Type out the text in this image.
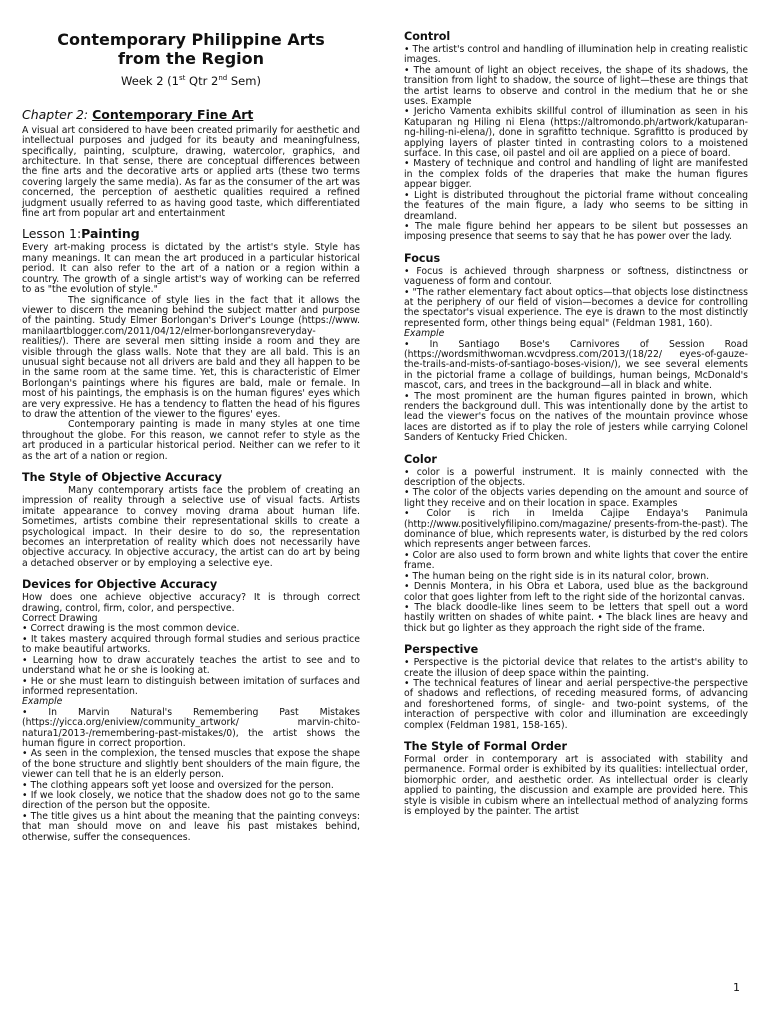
Contemporary Philippine Arts
from the Region
Week 2 (1st Qtr 2nd Sem)
Chapter 2: Contemporary Fine Art

A visual art considered to have been created primarily for aesthetic and intellectual purposes and judged for its beauty and meaningfulness, specifically, painting, sculpture, drawing, watercolor, graphics, and architecture. In that sense, there are conceptual differences between the fine arts and the decorative arts or applied arts (these two terms covering largely the same media). As far as the consumer of the art was concerned, the perception of aesthetic qualities required a refined judgment usually referred to as having good taste, which differentiated fine art from popular art and entertainment

Lesson 1:Painting

Every art-making process is dictated by the artist's style. Style has many meanings. It can mean the art produced in a particular historical period. It can also refer to the art of a nation or a region within a country. The growth of a single artist's way of working can be referred to as "the evolution of style."

The significance of style lies in the fact that it allows the viewer to discern the meaning behind the subject matter and purpose of the painting. Study Elmer Borlongan's Driver's Lounge (https://www. manilaartblogger.com/2011/04/12/elmer-borlongansreveryday-realities/). There are several men sitting inside a room and they are visible through the glass walls. Note that they are all bald. This is an unusual sight because not all drivers are bald and they all happen to be in the same room at the same time. Yet, this is characteristic of Elmer Borlongan's paintings where his figures are bald, male or female. In most of his paintings, the emphasis is on the human figures' eyes which are very expressive. He has a tendency to flatten the head of his figures to draw the attention of the viewer to the figures' eyes.

Contemporary painting is made in many styles at one time throughout the globe. For this reason, we cannot refer to style as the art produced in a particular historical period. Neither can we refer to it as the art of a nation or region.

The Style of Objective Accuracy

Many contemporary artists face the problem of creating an impression of reality through a selective use of visual facts. Artists imitate appearance to convey moving drama about human life. Sometimes, artists combine their representational skills to create a psychological impact. In their desire to do so, the representation becomes an interpretation of reality which does not necessarily have objective accuracy. In objective accuracy, the artist can do art by being a detached observer or by employing a selective eye.

Devices for Objective Accuracy

How does one achieve objective accuracy? It is through correct drawing, control, firm, color, and perspective.

Correct Drawing

• Correct drawing is the most common device.

• It takes mastery acquired through formal studies and serious practice to make beautiful artworks.

• Learning how to draw accurately teaches the artist to see and to understand what he or she is looking at.

• He or she must learn to distinguish between imitation of surfaces and informed representation.

Example

• In Marvin Natural's Remembering Past Mistakes (https://yicca.org/eniview/community_artwork/ marvin-chito-natura1/2013-/remembering-past-mistakes/0), the artist shows the human figure in correct proportion.

• As seen in the complexion, the tensed muscles that expose the shape of the bone structure and slightly bent shoulders of the main figure, the viewer can tell that he is an elderly person.

• The clothing appears soft yet loose and oversized for the person.

• If we look closely, we notice that the shadow does not go to the same direction of the person but the opposite.

• The title gives us a hint about the meaning that the painting conveys: that man should move on and leave his past mistakes behind, otherwise, suffer the consequences.

Control

• The artist's control and handling of illumination help in creating realistic images.

• The amount of light an object receives, the shape of its shadows, the transition from light to shadow, the source of light—these are things that the artist learns to observe and control in the medium that he or she uses. Example

• Jericho Vamenta exhibits skillful control of illumination as seen in his Katuparan ng Hiling ni Elena (https://altromondo.ph/artwork/katuparan-ng-hiling-ni-elena/), done in sgrafitto technique. Sgrafitto is produced by applying layers of plaster tinted in contrasting colors to a moistened surface. In this case, oil pastel and oil are applied on a piece of board.

• Mastery of technique and control and handling of light are manifested in the complex folds of the draperies that make the human figures appear bigger.

• Light is distributed throughout the pictorial frame without concealing the features of the main figure, a lady who seems to be sitting in dreamland.

• The male figure behind her appears to be silent but possesses an imposing presence that seems to say that he has power over the lady.

Focus

• Focus is achieved through sharpness or softness, distinctness or vagueness of form and contour.

• "The rather elementary fact about optics—that objects lose distinctness at the periphery of our field of vision—becomes a device for controlling the spectator's visual experience. The eye is drawn to the most distinctly represented form, other things being equal" (Feldman 1981, 160).

Example

• In Santiago Bose's Carnivores of Session Road (https://wordsmithwoman.wcvdpress.com/2013/(18/22/ eyes-of-gauze-the-trails-and-mists-of-santiago-boses-vision/), we see several elements in the pictorial frame a collage of buildings, human beings, McDonald's mascot, cars, and trees in the background—all in black and white.

• The most prominent are the human figures painted in brown, which renders the background dull. This was intentionally done by the artist to lead the viewer's focus on the natives of the mountain province whose laces are distorted as if to play the role of jesters while carrying Colonel Sanders of Kentucky Fried Chicken.

Color

• color is a powerful instrument. It is mainly connected with the description of the objects.

• The color of the objects varies depending on the amount and source of light they receive and on their location in space. Examples

• Color is rich in Imelda Cajipe Endaya's Panimula (http://www.positivelyfilipino.com/magazine/ presents-from-the-past). The dominance of blue, which represents water, is disturbed by the red colors which represents anger between farces.

• Color are also used to form brown and white lights that cover the entire frame.

• The human being on the right side is in its natural color, brown.

• Dennis Montera, in his Obra et Labora, used blue as the background color that goes lighter from left to the right side of the horizontal canvas.

• The black doodle-like lines seem to be letters that spell out a word hastily written on shades of white paint. • The black lines are heavy and thick but go lighter as they approach the right side of the frame.

Perspective

• Perspective is the pictorial device that relates to the artist's ability to create the illusion of deep space within the painting.

• The technical features of linear and aerial perspective-the perspective of shadows and reflections, of receding measured forms, of advancing and foreshortened forms, of single- and two-point systems, of the interaction of perspective with color and illumination are exceedingly complex (Feldman 1981, 158-165).

The Style of Formal Order

Formal order in contemporary art is associated with stability and permanence. Formal order is exhibited by its qualities: intellectual order, biomorphic order, and aesthetic order. As intellectual order is clearly applied to painting, the discussion and example are provided here. This style is visible in cubism where an intellectual method of analyzing forms is employed by the painter. The artist

1
